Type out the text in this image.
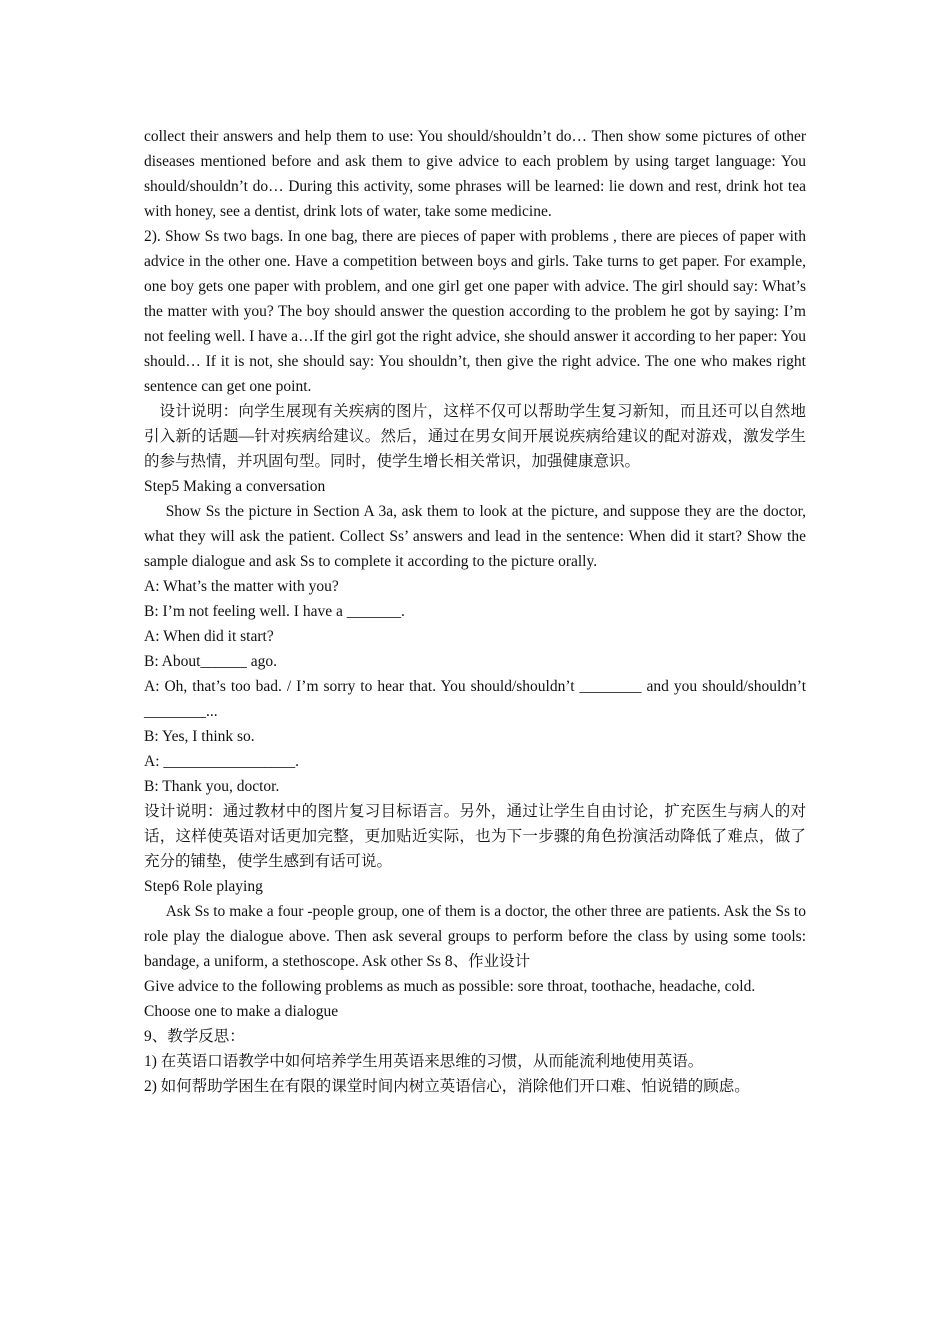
collect their answers and help them to use: You should/shouldn’t do… Then show some pictures of other diseases mentioned before and ask them to give advice to each problem by using target language: You should/shouldn’t do… During this activity, some phrases will be learned: lie down and rest, drink hot tea with honey, see a dentist, drink lots of water, take some medicine.

2). Show Ss two bags. In one bag, there are pieces of paper with problems , there are pieces of paper with advice in the other one. Have a competition between boys and girls. Take turns to get paper. For example, one boy gets one paper with problem, and one girl get one paper with advice. The girl should say: What’s the matter with you? The boy should answer the question according to the problem he got by saying: I’m not feeling well. I have a…If the girl got the right advice, she should answer it according to her paper: You should… If it is not, she should say: You shouldn’t, then give the right advice. The one who makes right sentence can get one point.

设计说明：向学生展现有关疾病的图片，这样不仅可以帮助学生复习新知，而且还可以自然地引入新的话题—针对疾病给建议。然后，通过在男女间开展说疾病给建议的配对游戏，激发学生的参与热情，并巩固句型。同时，使学生增长相关常识，加强健康意识。

Step5 Making a conversation

Show Ss the picture in Section A 3a, ask them to look at the picture, and suppose they are the doctor, what they will ask the patient. Collect Ss’ answers and lead in the sentence: When did it start? Show the sample dialogue and ask Ss to complete it according to the picture orally.

A: What’s the matter with you?

B: I’m not feeling well. I have a _______.

A: When did it start?

B: About______ ago.

A: Oh, that’s too bad. / I’m sorry to hear that. You should/shouldn’t ________ and you should/shouldn’t ________...

B: Yes, I think so.

A: _________________.

B: Thank you, doctor.

设计说明：通过教材中的图片复习目标语言。另外，通过让学生自由讨论，扩充医生与病人的对话，这样使英语对话更加完整，更加贴近实际，也为下一步骤的角色扮演活动降低了难点，做了充分的铺垫，使学生感到有话可说。

Step6 Role playing

Ask Ss to make a four -people group, one of them is a doctor, the other three are patients. Ask the Ss to role play the dialogue above. Then ask several groups to perform before the class by using some tools: bandage, a uniform, a stethoscope. Ask other Ss 8、作业设计

Give advice to the following problems as much as possible: sore throat, toothache, headache, cold.

Choose one to make a dialogue

9、教学反思：

1) 在英语口语教学中如何培养学生用英语来思维的习惯，从而能流利地使用英语。

2) 如何帮助学困生在有限的课堂时间内树立英语信心，消除他们开口难、怕说错的顾虑。
